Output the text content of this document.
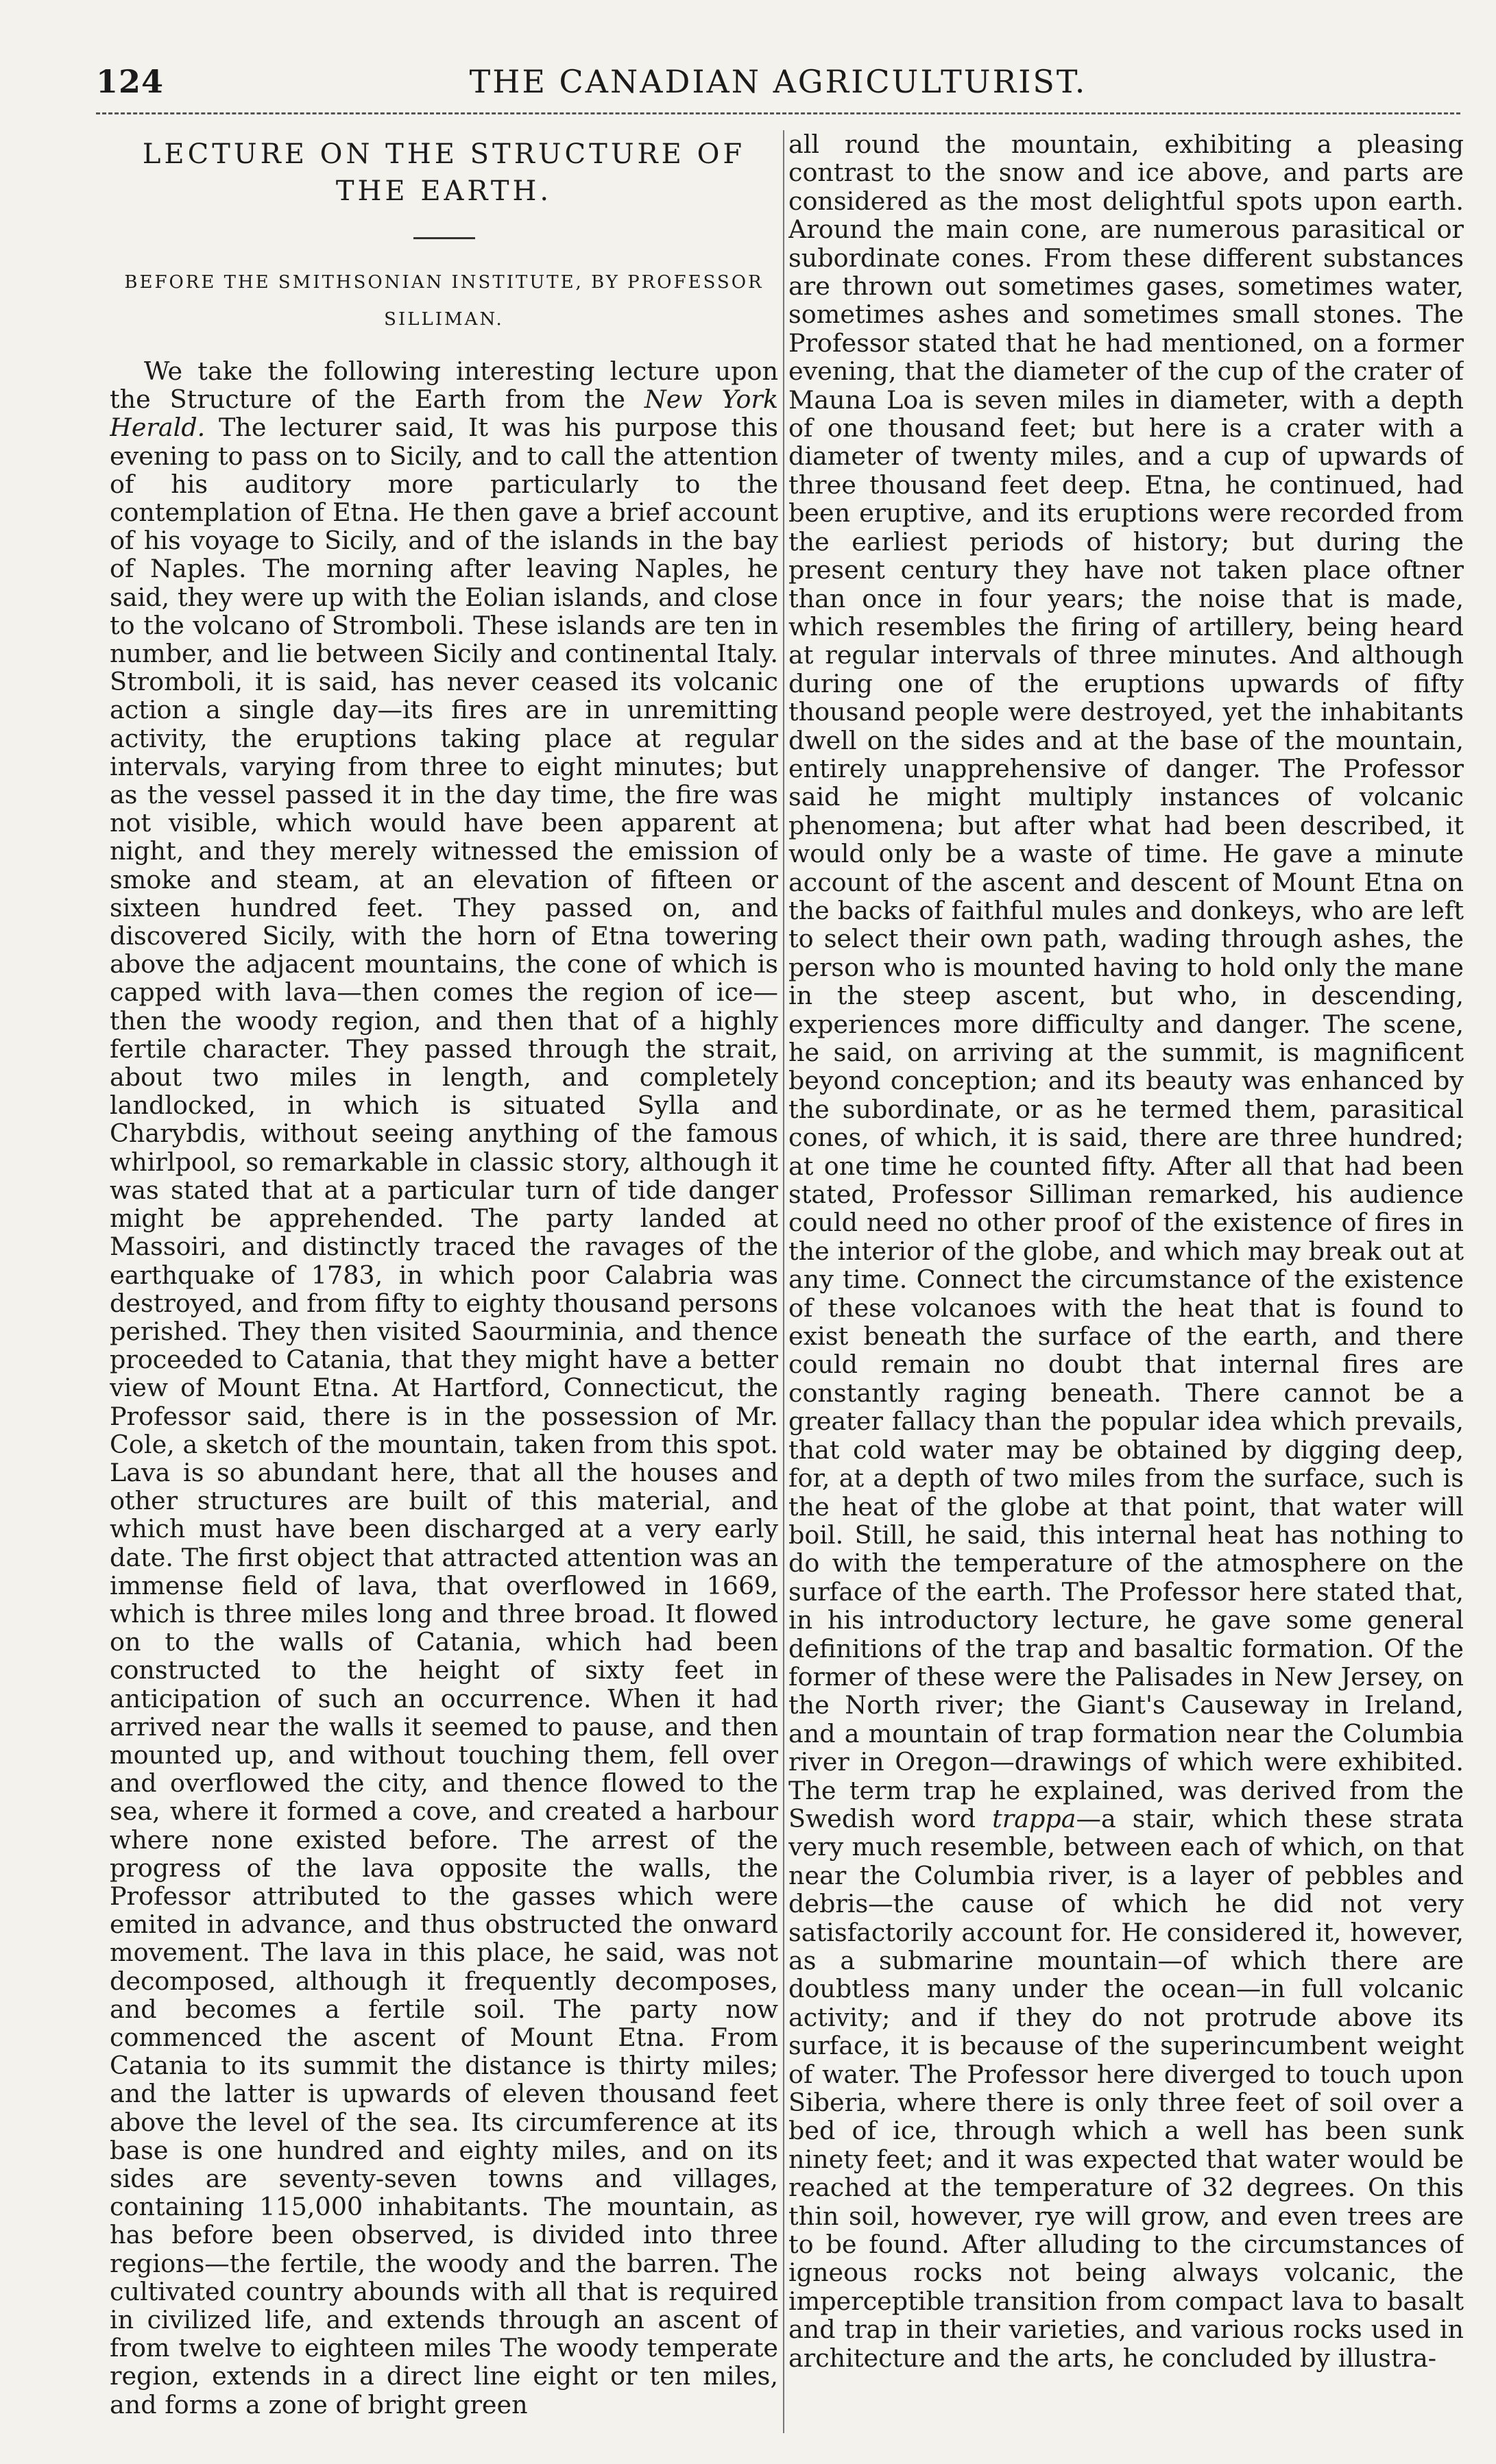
124	THE CANADIAN AGRICULTURIST.
LECTURE ON THE STRUCTURE OF THE EARTH.
BEFORE THE SMITHSONIAN INSTITUTE, BY PROFESSOR SILLIMAN.

We take the following interesting lecture upon the Structure of the Earth from the New York Herald. The lecturer said, It was his purpose this evening to pass on to Sicily, and to call the attention of his auditory more particularly to the contemplation of Etna. He then gave a brief account of his voyage to Sicily, and of the islands in the bay of Naples. The morning after leaving Naples, he said, they were up with the Eolian islands, and close to the volcano of Stromboli. These islands are ten in number, and lie between Sicily and continental Italy. Stromboli, it is said, has never ceased its volcanic action a single day—its fires are in unremitting activity, the eruptions taking place at regular intervals, varying from three to eight minutes; but as the vessel passed it in the day time, the fire was not visible, which would have been apparent at night, and they merely witnessed the emission of smoke and steam, at an elevation of fifteen or sixteen hundred feet. They passed on, and discovered Sicily, with the horn of Etna towering above the adjacent mountains, the cone of which is capped with lava—then comes the region of ice—then the woody region, and then that of a highly fertile character. They passed through the strait, about two miles in length, and completely landlocked, in which is situated Sylla and Charybdis, without seeing anything of the famous whirlpool, so remarkable in classic story, although it was stated that at a particular turn of tide danger might be apprehended. The party landed at Massoiri, and distinctly traced the ravages of the earthquake of 1783, in which poor Calabria was destroyed, and from fifty to eighty thousand persons perished. They then visited Saourminia, and thence proceeded to Catania, that they might have a better view of Mount Etna. At Hartford, Connecticut, the Professor said, there is in the possession of Mr. Cole, a sketch of the mountain, taken from this spot. Lava is so abundant here, that all the houses and other structures are built of this material, and which must have been discharged at a very early date. The first object that attracted attention was an immense field of lava, that overflowed in 1669, which is three miles long and three broad. It flowed on to the walls of Catania, which had been constructed to the height of sixty feet in anticipation of such an occurrence. When it had arrived near the walls it seemed to pause, and then mounted up, and without touching them, fell over and overflowed the city, and thence flowed to the sea, where it formed a cove, and created a harbour where none existed before. The arrest of the progress of the lava opposite the walls, the Professor attributed to the gasses which were emited in advance, and thus obstructed the onward movement. The lava in this place, he said, was not decomposed, although it frequently decomposes, and becomes a fertile soil. The party now commenced the ascent of Mount Etna. From Catania to its summit the distance is thirty miles; and the latter is upwards of eleven thousand feet above the level of the sea. Its circumference at its base is one hundred and eighty miles, and on its sides are seventy-seven towns and villages, containing 115,000 inhabitants. The mountain, as has before been observed, is divided into three regions—the fertile, the woody and the barren. The cultivated country abounds with all that is required in civilized life, and extends through an ascent of from twelve to eighteen miles The woody temperate region, extends in a direct line eight or ten miles, and forms a zone of bright green

all round the mountain, exhibiting a pleasing contrast to the snow and ice above, and parts are considered as the most delightful spots upon earth. Around the main cone, are numerous parasitical or subordinate cones. From these different substances are thrown out sometimes gases, sometimes water, sometimes ashes and sometimes small stones. The Professor stated that he had mentioned, on a former evening, that the diameter of the cup of the crater of Mauna Loa is seven miles in diameter, with a depth of one thousand feet; but here is a crater with a diameter of twenty miles, and a cup of upwards of three thousand feet deep. Etna, he continued, had been eruptive, and its eruptions were recorded from the earliest periods of history; but during the present century they have not taken place oftner than once in four years; the noise that is made, which resembles the firing of artillery, being heard at regular intervals of three minutes. And although during one of the eruptions upwards of fifty thousand people were destroyed, yet the inhabitants dwell on the sides and at the base of the mountain, entirely unapprehensive of danger. The Professor said he might multiply instances of volcanic phenomena; but after what had been described, it would only be a waste of time. He gave a minute account of the ascent and descent of Mount Etna on the backs of faithful mules and donkeys, who are left to select their own path, wading through ashes, the person who is mounted having to hold only the mane in the steep ascent, but who, in descending, experiences more difficulty and danger. The scene, he said, on arriving at the summit, is magnificent beyond conception; and its beauty was enhanced by the subordinate, or as he termed them, parasitical cones, of which, it is said, there are three hundred; at one time he counted fifty. After all that had been stated, Professor Silliman remarked, his audience could need no other proof of the existence of fires in the interior of the globe, and which may break out at any time. Connect the circumstance of the existence of these volcanoes with the heat that is found to exist beneath the surface of the earth, and there could remain no doubt that internal fires are constantly raging beneath. There cannot be a greater fallacy than the popular idea which prevails, that cold water may be obtained by digging deep, for, at a depth of two miles from the surface, such is the heat of the globe at that point, that water will boil. Still, he said, this internal heat has nothing to do with the temperature of the atmosphere on the surface of the earth. The Professor here stated that, in his introductory lecture, he gave some general definitions of the trap and basaltic formation. Of the former of these were the Palisades in New Jersey, on the North river; the Giant's Causeway in Ireland, and a mountain of trap formation near the Columbia river in Oregon—drawings of which were exhibited. The term trap he explained, was derived from the Swedish word trappa—a stair, which these strata very much resemble, between each of which, on that near the Columbia river, is a layer of pebbles and debris—the cause of which he did not very satisfactorily account for. He considered it, however, as a submarine mountain—of which there are doubtless many under the ocean—in full volcanic activity; and if they do not protrude above its surface, it is because of the superincumbent weight of water. The Professor here diverged to touch upon Siberia, where there is only three feet of soil over a bed of ice, through which a well has been sunk ninety feet; and it was expected that water would be reached at the temperature of 32 degrees. On this thin soil, however, rye will grow, and even trees are to be found. After alluding to the circumstances of igneous rocks not being always volcanic, the imperceptible transition from compact lava to basalt and trap in their varieties, and various rocks used in architecture and the arts, he concluded by illustra-
